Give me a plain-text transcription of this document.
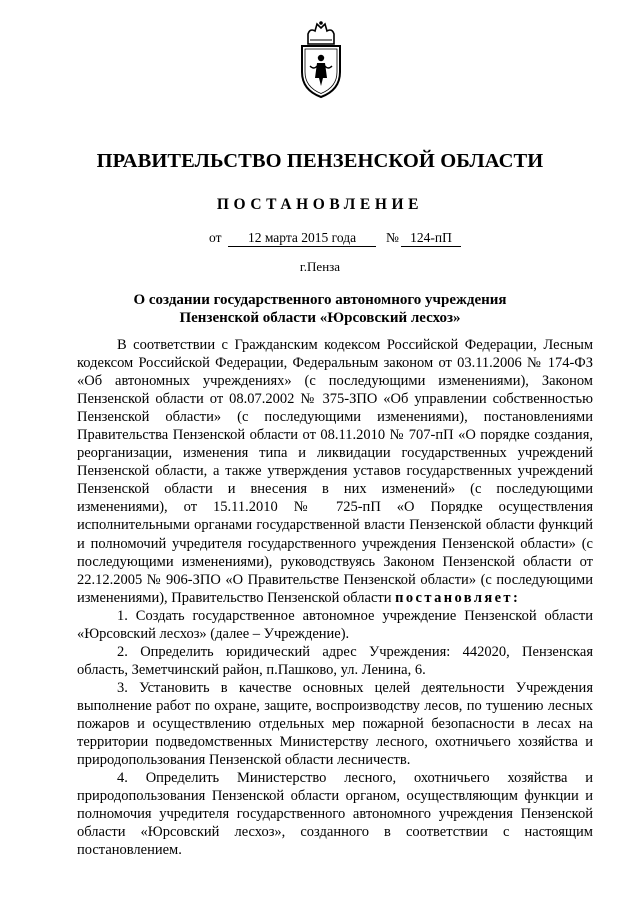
ПРАВИТЕЛЬСТВО ПЕНЗЕНСКОЙ ОБЛАСТИ
ПОСТАНОВЛЕНИЕ
от	12 марта 2015 года	№ 124-пП
г.Пенза
О создании государственного автономного учреждения
Пензенской области «Юрсовский лесхоз»

В соответствии с Гражданским кодексом Российской Федерации, Лесным кодексом Российской Федерации, Федеральным законом от 03.11.2006 № 174-ФЗ «Об автономных учреждениях» (с последующими изменениями), Законом Пензенской области от 08.07.2002 № 375-ЗПО «Об управлении собственностью Пензенской области» (с последующими изменениями), постановлениями Правительства Пензенской области от 08.11.2010 № 707-пП «О порядке создания, реорганизации, изменения типа и ликвидации государственных учреждений Пензенской области, а также утверждения уставов государственных учреждений Пензенской области и внесения в них изменений» (с последующими изменениями), от 15.11.2010 № 725-пП «О Порядке осуществления исполнительными органами государственной власти Пензенской области функций и полномочий учредителя государственного учреждения Пензенской области» (с последующими изменениями), руководствуясь Законом Пензенской области от 22.12.2005 № 906-ЗПО «О Правительстве Пензенской области» (с последующими изменениями), Правительство Пензенской области постановляет:

1. Создать государственное автономное учреждение Пензенской области «Юрсовский лесхоз» (далее – Учреждение).

2. Определить юридический адрес Учреждения: 442020, Пензенская область, Земетчинский район, п.Пашково, ул. Ленина, 6.

3. Установить в качестве основных целей деятельности Учреждения выполнение работ по охране, защите, воспроизводству лесов, по тушению лесных пожаров и осуществлению отдельных мер пожарной безопасности в лесах на территории подведомственных Министерству лесного, охотничьего хозяйства и природопользования Пензенской области лесничеств.

4. Определить Министерство лесного, охотничьего хозяйства и природопользования Пензенской области органом, осуществляющим функции и полномочия учредителя государственного автономного учреждения Пензенской области «Юрсовский лесхоз», созданного в соответствии с настоящим постановлением.
